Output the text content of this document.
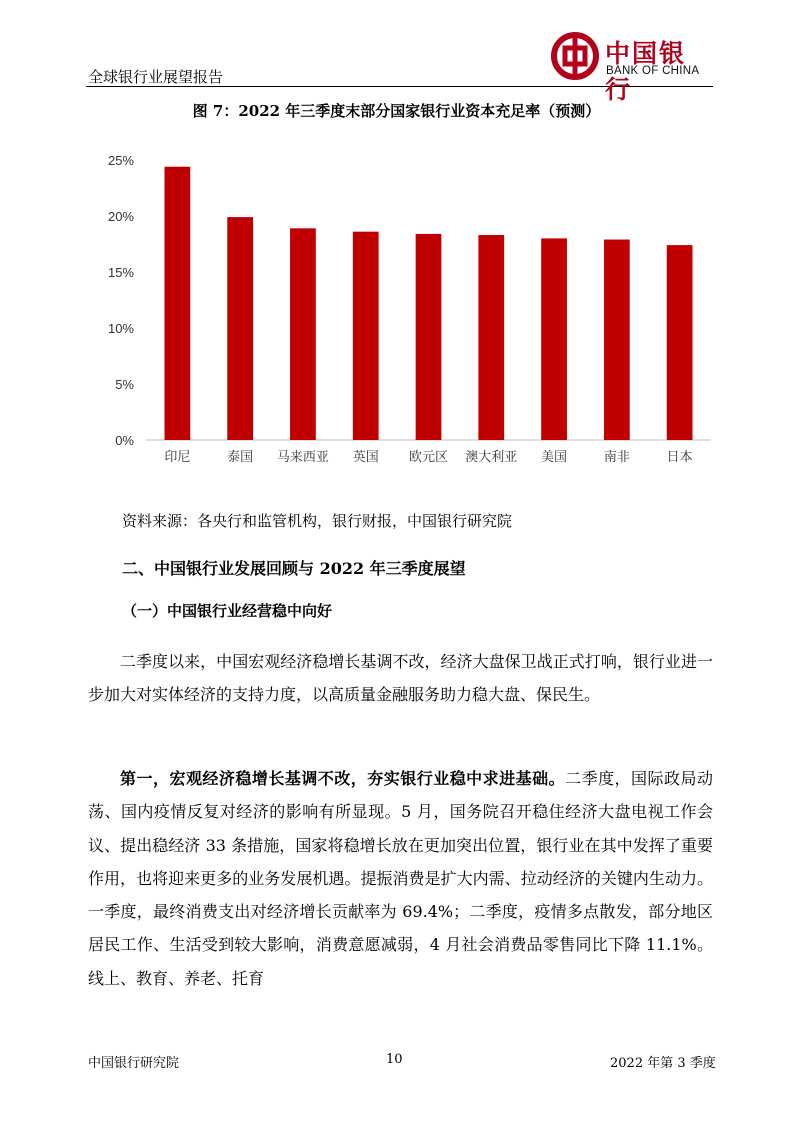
全球银行业展望报告
中国银行
BANK OF CHINA
图 7：2022 年三季度末部分国家银行业资本充足率（预测）
0%
5%
10%
15%
20%
25%
印尼	泰国 马来西亚 英国 欧元区 澳大利亚 美国	南非	日本
资料来源：各央行和监管机构，银行财报，中国银行研究院
二、中国银行业发展回顾与 2022 年三季度展望
（一）中国银行业经营稳中向好
二季度以来，中国宏观经济稳增长基调不改，经济大盘保卫战正式打响，银行业进一步加大对实体经济的支持力度，以高质量金融服务助力稳大盘、保民生。
第一，宏观经济稳增长基调不改，夯实银行业稳中求进基础。二季度，国际政局动荡、国内疫情反复对经济的影响有所显现。5 月，国务院召开稳住经济大盘电视工作会议、提出稳经济 33 条措施，国家将稳增长放在更加突出位置，银行业在其中发挥了重要作用，也将迎来更多的业务发展机遇。提振消费是扩大内需、拉动经济的关键内生动力。一季度，最终消费支出对经济增长贡献率为 69.4%；二季度，疫情多点散发，部分地区居民工作、生活受到较大影响，消费意愿减弱，4 月社会消费品零售同比下降 11.1%。线上、教育、养老、托育
中国银行研究院	10	2022 年第 3 季度
